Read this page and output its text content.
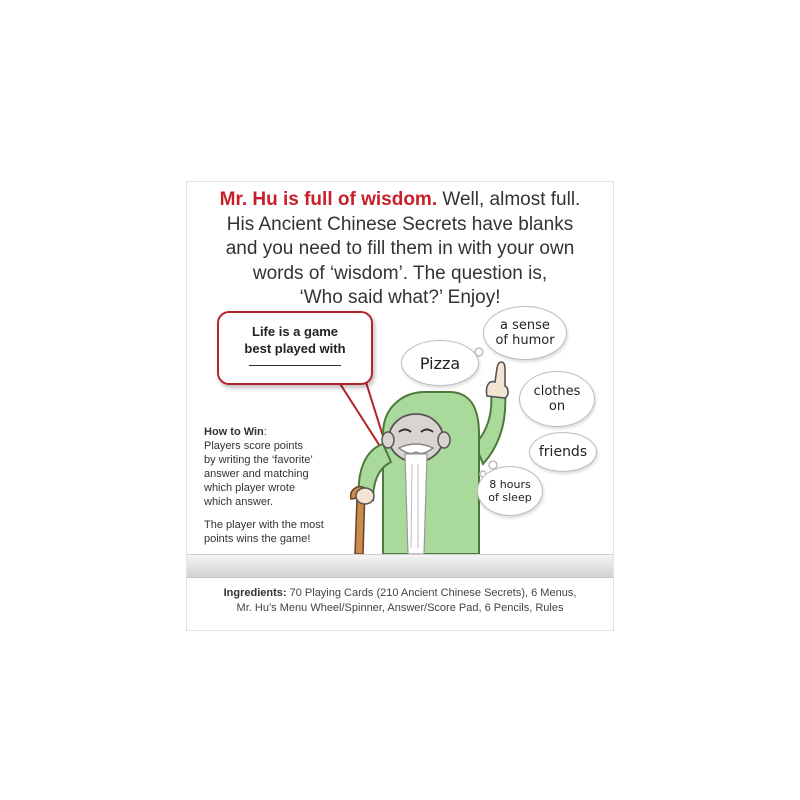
Mr. Hu is full of wisdom. Well, almost full.
His Ancient Chinese Secrets have blanks
and you need to fill them in with your own
words of ‘wisdom’. The question is,
‘Who said what?’ Enjoy!
Life is a game
best played with
a sense
of humor
Pizza
clothes
on
friends
8 hours
of sleep

How to Win:
Players score points
by writing the ‘favorite’
answer and matching
which player wrote
which answer.

The player with the most
points wins the game!

Ingredients: 70 Playing Cards (210 Ancient Chinese Secrets), 6 Menus,
Mr. Hu’s Menu Wheel/Spinner, Answer/Score Pad, 6 Pencils, Rules
